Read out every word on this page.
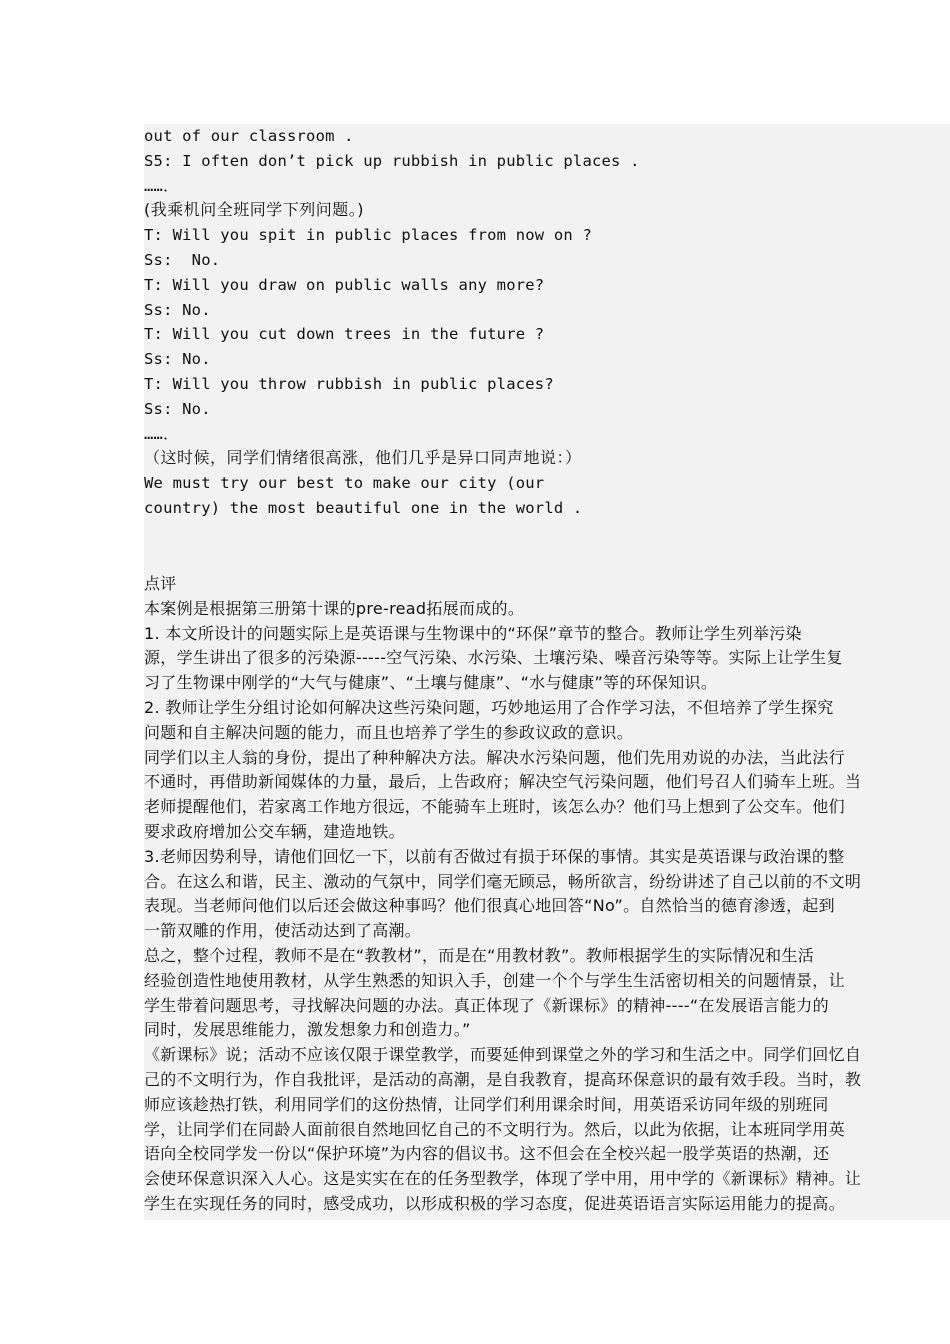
out of our classroom .
S5: I often don’t pick up rubbish in public places .
……．
(我乘机问全班同学下列问题。)
T: Will you spit in public places from now on ?
Ss:  No.
T: Will you draw on public walls any more?
Ss: No.
T: Will you cut down trees in the future ?
Ss: No.
T: Will you throw rubbish in public places?
Ss: No.
……．
（这时候，同学们情绪很高涨，他们几乎是异口同声地说：）
We must try our best to make our city (our
country) the most beautiful one in the world .
点评
本案例是根据第三册第十课的pre-read拓展而成的。
1. 本文所设计的问题实际上是英语课与生物课中的“环保”章节的整合。教师让学生列举污染
源，学生讲出了很多的污染源-----空气污染、水污染、土壤污染、噪音污染等等。实际上让学生复
习了生物课中刚学的“大气与健康”、“土壤与健康”、“水与健康”等的环保知识。
2. 教师让学生分组讨论如何解决这些污染问题，巧妙地运用了合作学习法，不但培养了学生探究
问题和自主解决问题的能力，而且也培养了学生的参政议政的意识。
同学们以主人翁的身份，提出了种种解决方法。解决水污染问题，他们先用劝说的办法，当此法行
不通时，再借助新闻媒体的力量，最后，上告政府；解决空气污染问题，他们号召人们骑车上班。当
老师提醒他们，若家离工作地方很远，不能骑车上班时，该怎么办？他们马上想到了公交车。他们
要求政府增加公交车辆，建造地铁。
3.老师因势利导，请他们回忆一下，以前有否做过有损于环保的事情。其实是英语课与政治课的整
合。在这么和谐，民主、激动的气氛中，同学们毫无顾忌，畅所欲言，纷纷讲述了自己以前的不文明
表现。当老师问他们以后还会做这种事吗？他们很真心地回答“No”。自然恰当的德育渗透，起到
一箭双雕的作用，使活动达到了高潮。
总之，整个过程，教师不是在“教教材”，而是在“用教材教”。教师根据学生的实际情况和生活
经验创造性地使用教材，从学生熟悉的知识入手，创建一个个与学生生活密切相关的问题情景，让
学生带着问题思考，寻找解决问题的办法。真正体现了《新课标》的精神----“在发展语言能力的
同时，发展思维能力，激发想象力和创造力。”
《新课标》说；活动不应该仅限于课堂教学，而要延伸到课堂之外的学习和生活之中。同学们回忆自
己的不文明行为，作自我批评，是活动的高潮，是自我教育，提高环保意识的最有效手段。当时，教
师应该趁热打铁，利用同学们的这份热情，让同学们利用课余时间，用英语采访同年级的别班同
学，让同学们在同龄人面前很自然地回忆自己的不文明行为。然后，以此为依据，让本班同学用英
语向全校同学发一份以“保护环境”为内容的倡议书。这不但会在全校兴起一股学英语的热潮，还
会使环保意识深入人心。这是实实在在的任务型教学，体现了学中用，用中学的《新课标》精神。让
学生在实现任务的同时，感受成功，以形成积极的学习态度，促进英语语言实际运用能力的提高。
